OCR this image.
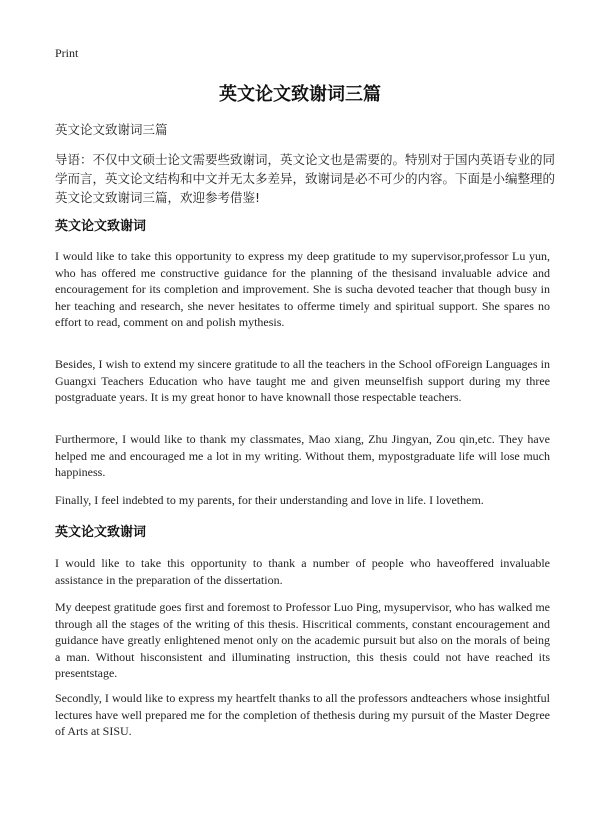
Print
英文论文致谢词三篇
英文论文致谢词三篇

导语：不仅中文硕士论文需要些致谢词，英文论文也是需要的。特别对于国内英语专业的同学而言，英文论文结构和中文并无太多差异，致谢词是必不可少的内容。下面是小编整理的英文论文致谢词三篇，欢迎参考借鉴!

英文论文致谢词

I would like to take this opportunity to express my deep gratitude to my supervisor,professor Lu yun, who has offered me constructive guidance for the planning of the thesisand invaluable advice and encouragement for its completion and improvement. She is sucha devoted teacher that though busy in her teaching and research, she never hesitates to offerme timely and spiritual support. She spares no effort to read, comment on and polish mythesis.

Besides, I wish to extend my sincere gratitude to all the teachers in the School ofForeign Languages in Guangxi Teachers Education who have taught me and given meunselfish support during my three postgraduate years. It is my great honor to have knownall those respectable teachers.

Furthermore, I would like to thank my classmates, Mao xiang, Zhu Jingyan, Zou qin,etc. They have helped me and encouraged me a lot in my writing. Without them, mypostgraduate life will lose much happiness.

Finally, I feel indebted to my parents, for their understanding and love in life. I lovethem.

英文论文致谢词

I would like to take this opportunity to thank a number of people who haveoffered invaluable assistance in the preparation of the dissertation.

My deepest gratitude goes first and foremost to Professor Luo Ping, mysupervisor, who has walked me through all the stages of the writing of this thesis. Hiscritical comments, constant encouragement and guidance have greatly enlightened menot only on the academic pursuit but also on the morals of being a man. Without hisconsistent and illuminating instruction, this thesis could not have reached its presentstage.

Secondly, I would like to express my heartfelt thanks to all the professors andteachers whose insightful lectures have well prepared me for the completion of thethesis during my pursuit of the Master Degree of Arts at SISU.
